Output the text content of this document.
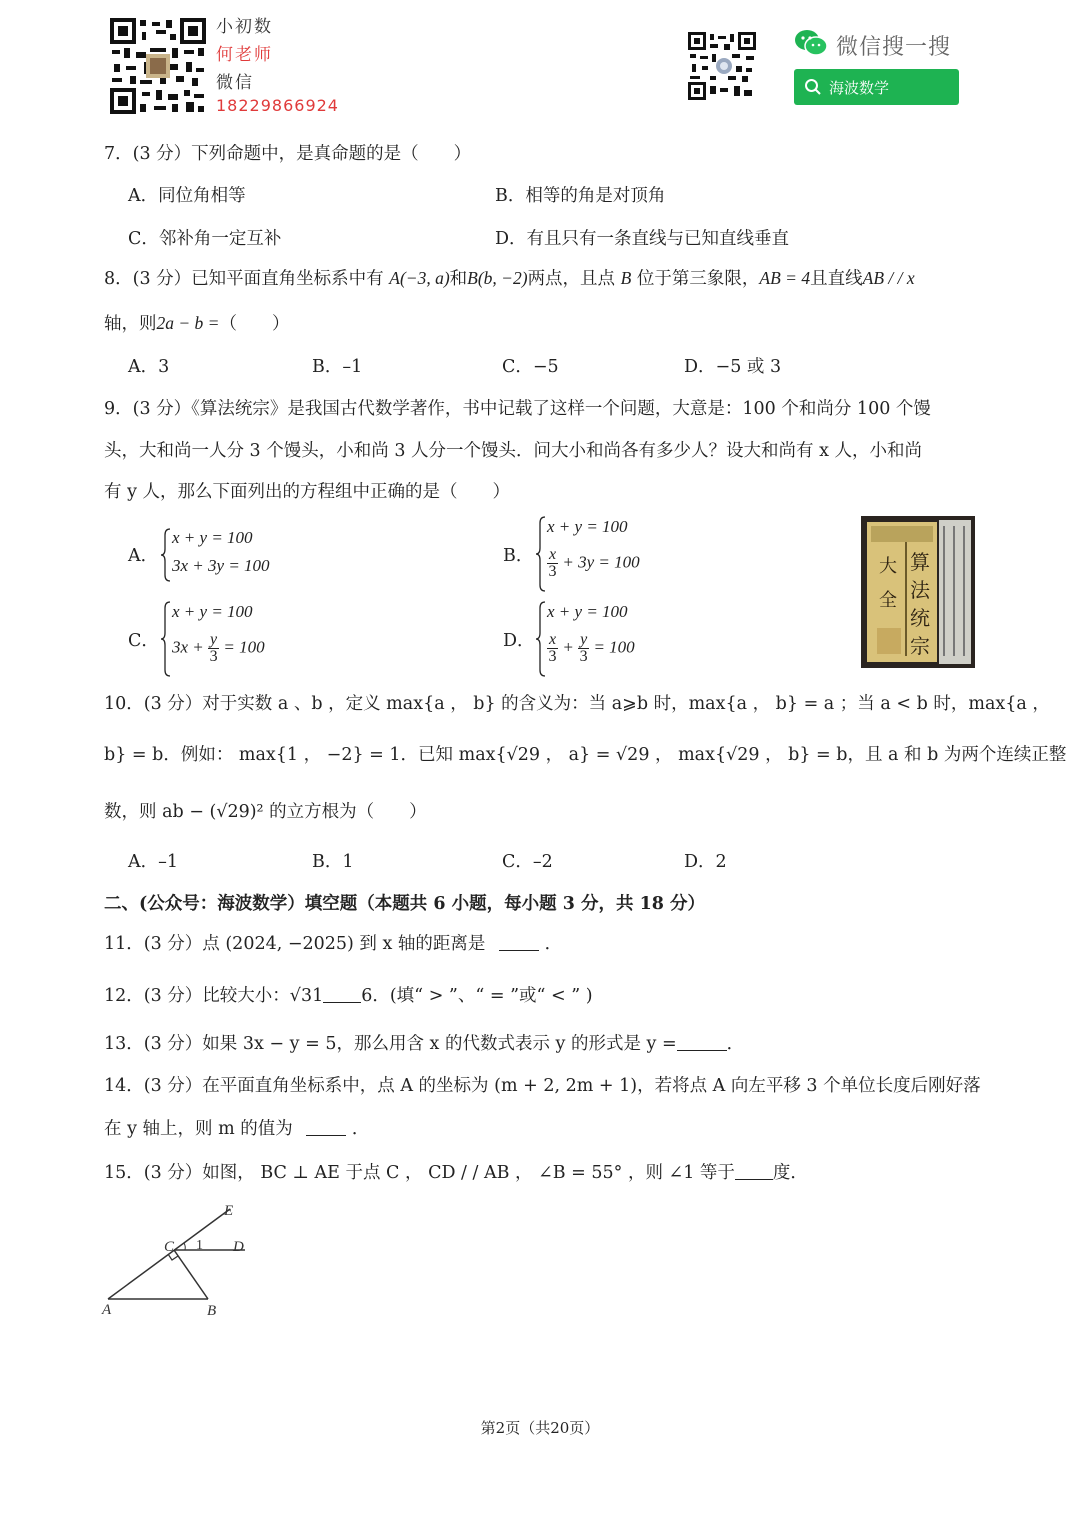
小初数
何老师
微信
18229866924
微信搜一搜
海波数学
7．(3 分）下列命题中，是真命题的是（　　）
A．同位角相等	B．相等的角是对顶角
C．邻补角一定互补	D．有且只有一条直线与已知直线垂直
8．(3 分）已知平面直角坐标系中有 A(−3, a)和B(b, −2)两点，且点 B 位于第三象限，AB = 4且直线AB / / x
轴，则2a − b =（　　）
A．3	B．–1	C．−5	D．−5 或 3
9．(3 分）《算法统宗》是我国古代数学著作，书中记载了这样一个问题，大意是：100 个和尚分 100 个馒
头，大和尚一人分 3 个馒头，小和尚 3 人分一个馒头．问大小和尚各有多少人？设大和尚有 x 人，小和尚
有 y 人，那么下面列出的方程组中正确的是（　　）
A．
x + y = 100
3x + 3y = 100	B．
x + y = 100
$\frac{x}{3} + 3y = 100$
C．
x + y = 100
$3x + \frac{y}{3} = 100$	D．
x + y = 100
$\frac{x}{3} + \frac{y}{3} = 100$
算
法
统
宗
大
全
10．(3 分）对于实数 a 、b ，定义 max{a ， b} 的含义为：当 a⩾b 时，max{a ， b} = a ；当 a < b 时，max{a ，
b} = b．例如： max{1 ， −2} = 1．已知 max{√29 ， a} = √29 ， max{√29 ， b} = b，且 a 和 b 为两个连续正整
数，则 ab − (√29)² 的立方根为（　　）
A．–1	B．1	C．–2	D．2
二、(公众号：海波数学）填空题（本题共 6 小题，每小题 3 分，共 18 分）
11．(3 分）点 (2024, −2025) 到 x 轴的距离是	．
12．(3 分）比较大小：√31 6．(填“ > ”、“ = ”或“ < ” )
13．(3 分）如果 3x − y = 5，那么用含 x 的代数式表示 y 的形式是 y =	．
14．(3 分）在平面直角坐标系中，点 A 的坐标为 (m + 2, 2m + 1)，若将点 A 向左平移 3 个单位长度后刚好落
在 y 轴上，则 m 的值为	．
15．(3 分）如图， BC ⊥ AE 于点 C ， CD / / AB ， ∠B = 55° ，则 ∠1 等于 度．
E
C 1 D
A	B
第2页（共20页）
